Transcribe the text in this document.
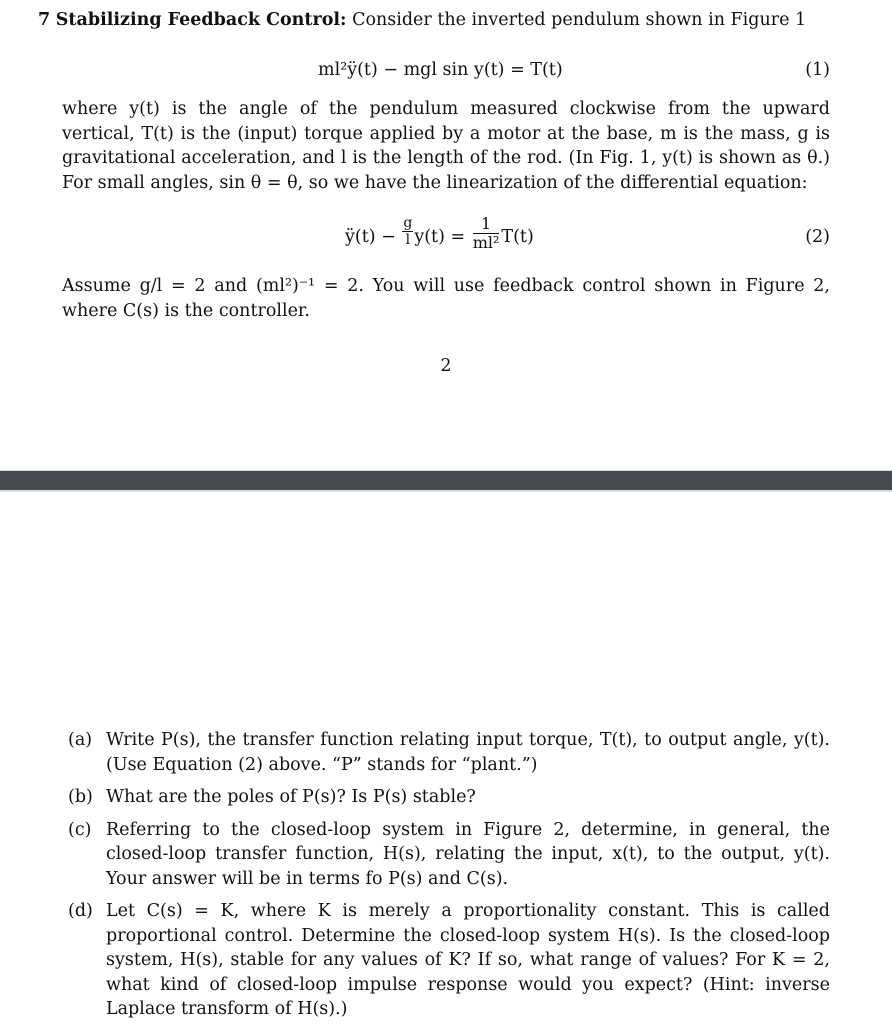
7 Stabilizing Feedback Control: Consider the inverted pendulum shown in Figure 1
ml²ÿ(t) − mgl sin y(t) = T(t)	(1)
where y(t) is the angle of the pendulum measured clockwise from the upward vertical, T(t) is the (input) torque applied by a motor at the base, m is the mass, g is gravitational acceleration, and l is the length of the rod. (In Fig. 1, y(t) is shown as θ.) For small angles, sin θ = θ, so we have the linearization of the differential equation:
ÿ(t) − $\frac{g}{l} y(t) = \frac{1}{\text{ml²}} T(t)$	(2)
Assume g/l = 2 and (ml²)⁻¹ = 2. You will use feedback control shown in Figure 2, where C(s) is the controller.
2
(a) Write P(s), the transfer function relating input torque, T(t), to output angle, y(t). (Use Equation (2) above. “P” stands for “plant.”)
(b) What are the poles of P(s)? Is P(s) stable?
(c) Referring to the closed-loop system in Figure 2, determine, in general, the closed-loop transfer function, H(s), relating the input, x(t), to the output, y(t). Your answer will be in terms fo P(s) and C(s).
(d) Let C(s) = K, where K is merely a proportionality constant. This is called proportional control. Determine the closed-loop system H(s). Is the closed-loop system, H(s), stable for any values of K? If so, what range of values? For K = 2, what kind of closed-loop impulse response would you expect? (Hint: inverse Laplace transform of H(s).)
